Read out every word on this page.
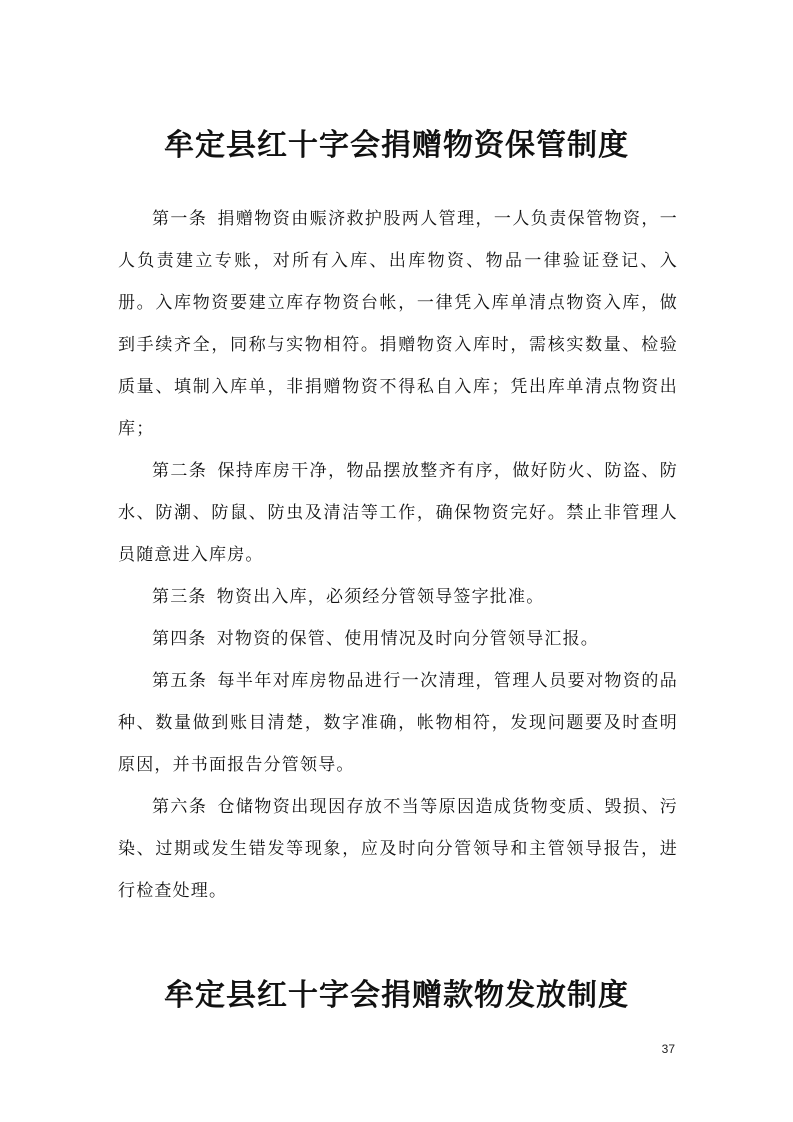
牟定县红十字会捐赠物资保管制度

第一条 捐赠物资由赈济救护股两人管理，一人负责保管物资，一人负责建立专账，对所有入库、出库物资、物品一律验证登记、入册。入库物资要建立库存物资台帐，一律凭入库单清点物资入库，做到手续齐全，同称与实物相符。捐赠物资入库时，需核实数量、检验质量、填制入库单，非捐赠物资不得私自入库；凭出库单清点物资出库；

第二条 保持库房干净，物品摆放整齐有序，做好防火、防盗、防水、防潮、防鼠、防虫及清洁等工作，确保物资完好。禁止非管理人员随意进入库房。

第三条 物资出入库，必须经分管领导签字批准。

第四条 对物资的保管、使用情况及时向分管领导汇报。

第五条 每半年对库房物品进行一次清理，管理人员要对物资的品种、数量做到账目清楚，数字准确，帐物相符，发现问题要及时查明原因，并书面报告分管领导。

第六条 仓储物资出现因存放不当等原因造成货物变质、毁损、污染、过期或发生错发等现象，应及时向分管领导和主管领导报告，进行检查处理。

牟定县红十字会捐赠款物发放制度
37
